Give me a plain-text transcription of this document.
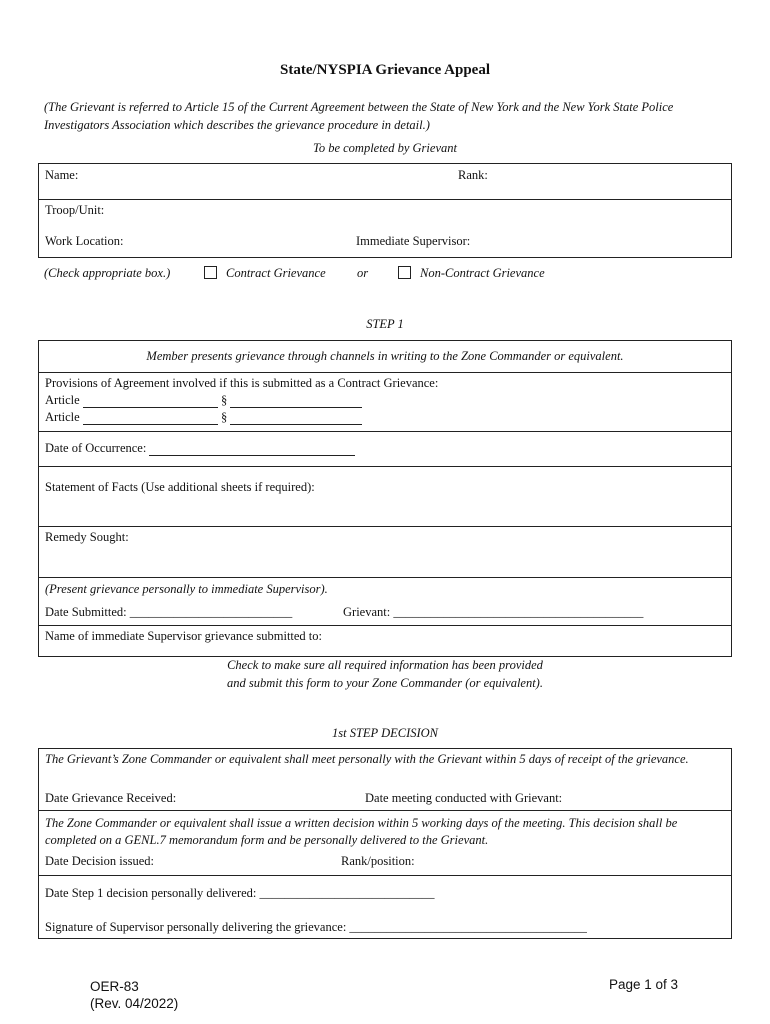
State/NYSPIA Grievance Appeal
(The Grievant is referred to Article 15 of the Current Agreement between the State of New York and the New York State Police Investigators Association which describes the grievance procedure in detail.)
To be completed by Grievant
Name:	Rank:
Troop/Unit:
Work Location:	Immediate Supervisor:
(Check appropriate box.)	Contract Grievance	or	Non-Contract Grievance
STEP 1
Member presents grievance through channels in writing to the Zone Commander or equivalent.
Provisions of Agreement involved if this is submitted as a Contract Grievance:
Article	§
Article	§
Date of Occurrence:
Statement of Facts (Use additional sheets if required):
Remedy Sought:
(Present grievance personally to immediate Supervisor).
Date Submitted: __________________________	Grievant: ________________________________________
Name of immediate Supervisor grievance submitted to:
Check to make sure all required information has been provided
and submit this form to your Zone Commander (or equivalent).
1st STEP DECISION
The Grievant’s Zone Commander or equivalent shall meet personally with the Grievant within 5 days of receipt of the grievance.
Date Grievance Received:	Date meeting conducted with Grievant:
The Zone Commander or equivalent shall issue a written decision within 5 working days of the meeting. This decision shall be completed on a GENL.7 memorandum form and be personally delivered to the Grievant.
Date Decision issued:	Rank/position:
Date Step 1 decision personally delivered: ____________________________
Signature of Supervisor personally delivering the grievance: ______________________________________
OER-83
(Rev. 04/2022)
Page 1 of 3
